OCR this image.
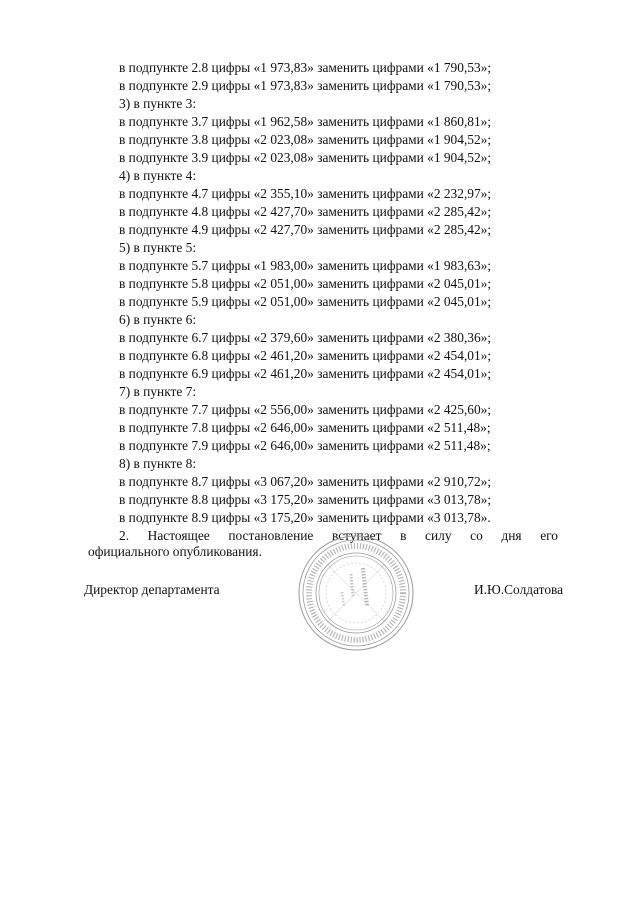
в подпункте 2.8 цифры «1 973,83» заменить цифрами «1 790,53»;
в подпункте 2.9 цифры «1 973,83» заменить цифрами «1 790,53»;
3) в пункте 3:
в подпункте 3.7 цифры «1 962,58» заменить цифрами «1 860,81»;
в подпункте 3.8 цифры «2 023,08» заменить цифрами «1 904,52»;
в подпункте 3.9 цифры «2 023,08» заменить цифрами «1 904,52»;
4) в пункте 4:
в подпункте 4.7 цифры «2 355,10» заменить цифрами «2 232,97»;
в подпункте 4.8 цифры «2 427,70» заменить цифрами «2 285,42»;
в подпункте 4.9 цифры «2 427,70» заменить цифрами «2 285,42»;
5) в пункте 5:
в подпункте 5.7 цифры «1 983,00» заменить цифрами «1 983,63»;
в подпункте 5.8 цифры «2 051,00» заменить цифрами «2 045,01»;
в подпункте 5.9 цифры «2 051,00» заменить цифрами «2 045,01»;
6) в пункте 6:
в подпункте 6.7 цифры «2 379,60» заменить цифрами «2 380,36»;
в подпункте 6.8 цифры «2 461,20» заменить цифрами «2 454,01»;
в подпункте 6.9 цифры «2 461,20» заменить цифрами «2 454,01»;
7) в пункте 7:
в подпункте 7.7 цифры «2 556,00» заменить цифрами «2 425,60»;
в подпункте 7.8 цифры «2 646,00» заменить цифрами «2 511,48»;
в подпункте 7.9 цифры «2 646,00» заменить цифрами «2 511,48»;
8) в пункте 8:
в подпункте 8.7 цифры «3 067,20» заменить цифрами «2 910,72»;
в подпункте 8.8 цифры «3 175,20» заменить цифрами «3 013,78»;
в подпункте 8.9 цифры «3 175,20» заменить цифрами «3 013,78».
2. Настоящее постановление вступает в силу со дня его
официального опубликования.
Директор департамента	И.Ю.Солдатова
